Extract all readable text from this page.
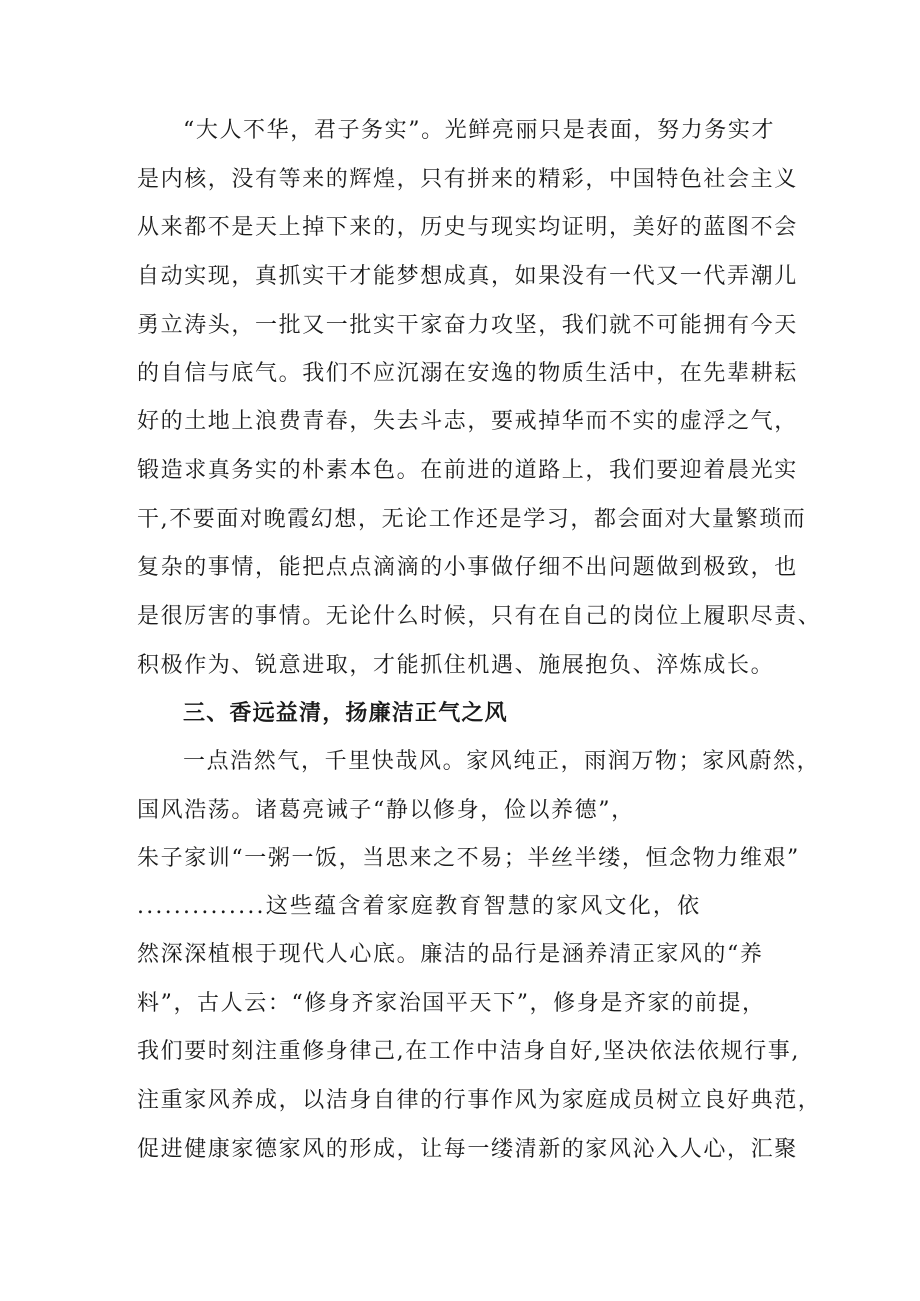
“大人不华，君子务实”。光鲜亮丽只是表面，努力务实才
是内核，没有等来的辉煌，只有拼来的精彩，中国特色社会主义
从来都不是天上掉下来的，历史与现实均证明，美好的蓝图不会
自动实现，真抓实干才能梦想成真，如果没有一代又一代弄潮儿
勇立涛头，一批又一批实干家奋力攻坚，我们就不可能拥有今天
的自信与底气。我们不应沉溺在安逸的物质生活中，在先辈耕耘
好的土地上浪费青春，失去斗志，要戒掉华而不实的虚浮之气，
锻造求真务实的朴素本色。在前进的道路上，我们要迎着晨光实
干,不要面对晚霞幻想，无论工作还是学习，都会面对大量繁琐而
复杂的事情，能把点点滴滴的小事做仔细不出问题做到极致，也
是很厉害的事情。无论什么时候，只有在自己的岗位上履职尽责、
积极作为、锐意进取，才能抓住机遇、施展抱负、淬炼成长。
三、香远益清，扬廉洁正气之风
一点浩然气，千里快哉风。家风纯正，雨润万物；家风蔚然，
国风浩荡。诸葛亮诫子“静以修身，俭以养德”，
朱子家训“一粥一饭，当思来之不易；半丝半缕，恒念物力维艰”
..............这些蕴含着家庭教育智慧的家风文化，依
然深深植根于现代人心底。廉洁的品行是涵养清正家风的“养
料”，古人云：“修身齐家治国平天下”，修身是齐家的前提，
我们要时刻注重修身律己,在工作中洁身自好,坚决依法依规行事,
注重家风养成，以洁身自律的行事作风为家庭成员树立良好典范，
促进健康家德家风的形成，让每一缕清新的家风沁入人心，汇聚
